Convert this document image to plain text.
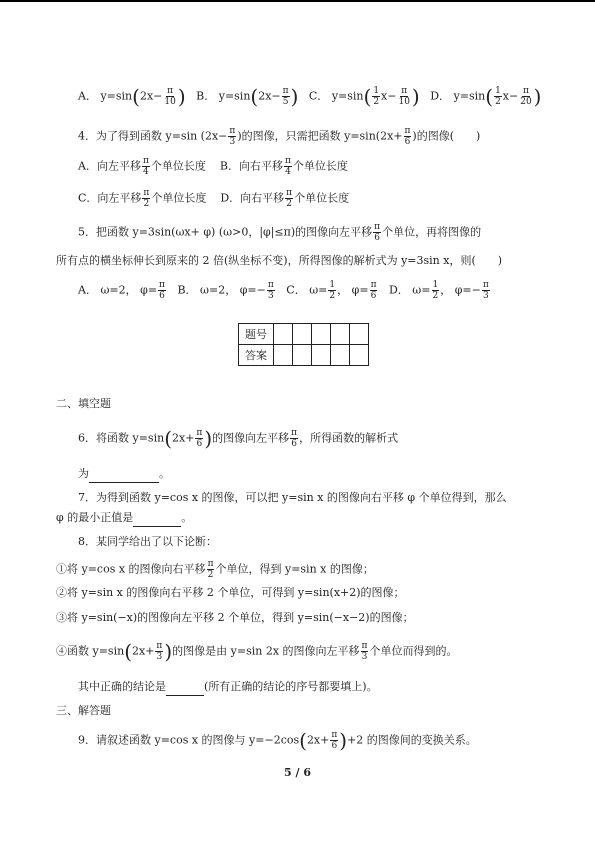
A． $y=\sin(2x- \frac{\pi}{10}$ ) B． $y=\sin(2x- \frac{\pi}{5}$ ) C． $y=\sin( \frac{1}{2} x- \frac{\pi}{10}$ ) D． $y=\sin( \frac{1}{2} x- \frac{\pi}{20}$ )
4．为了得到函数 y=sin ($2x- \frac{\pi}{3}$ )的图像，只需把函数 $y=\sin(2x+ \frac{\pi}{6}$ )的图像(　　)
A．向左平移 $\frac{\pi}{4}$ 个单位长度 B．向右平移 $\frac{\pi}{4}$ 个单位长度
C．向左平移 $\frac{\pi}{2}$ 个单位长度 D．向右平移 $\frac{\pi}{2}$ 个单位长度
5．把函数 y=3sin(ωx+ φ) (ω>0，|φ|≤π)的图像向左平移 $\frac{\pi}{6}$ 个单位，再将图像的
所有点的横坐标伸长到原来的 2 倍(纵坐标不变)，所得图像的解析式为 y=3sin x，则(　　)
A． ω=2， $\varphi= \frac{\pi}{6}$ B． ω=2， $\varphi=- \frac{\pi}{3}$ C． $\omega= \frac{1}{2}$ ， $\varphi= \frac{\pi}{6}$ D． $\omega= \frac{1}{2}$ ， $\varphi=- \frac{\pi}{3}$
题号					
答案					
二、填空题
6．将函数 $y=\sin(2x+ \frac{\pi}{6}$ )的图像向左平移 $\frac{\pi}{6}$ ，所得函数的解析式
为	。
7．为得到函数 y=cos x 的图像，可以把 y=sin x 的图像向右平移 φ 个单位得到，那么
φ 的最小正值是	。
8．某同学给出了以下论断：
①将 y=cos x 的图像向右平移 $\frac{\pi}{2}$ 个单位，得到 y=sin x 的图像；
②将 y=sin x 的图像向右平移 2 个单位，可得到 y=sin(x+2)的图像；
③将 y=sin(−x)的图像向左平移 2 个单位，得到 y=sin(−x−2)的图像；
④函数 $y=\sin(2x+ \frac{\pi}{3}$ )的图像是由 y=sin 2x 的图像向左平移 $\frac{\pi}{3}$ 个单位而得到的。
其中正确的结论是	(所有正确的结论的序号都要填上)。
三、解答题
9．请叙述函数 y=cos x 的图像与 $y=-2\cos(2x+ \frac{\pi}{6} )+2$ 的图像间的变换关系。
5 / 6
